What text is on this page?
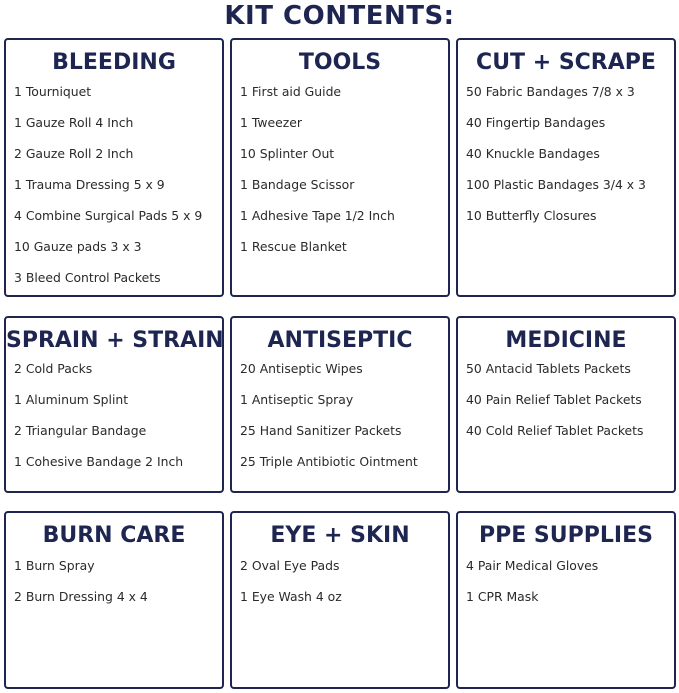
KIT CONTENTS:
BLEEDING
1 Tourniquet
1 Gauze Roll 4 Inch
2 Gauze Roll 2 Inch
1 Trauma Dressing 5 x 9
4 Combine Surgical Pads 5 x 9
10 Gauze pads 3 x 3
3 Bleed Control Packets
TOOLS
1 First aid Guide
1 Tweezer
10 Splinter Out
1 Bandage Scissor
1 Adhesive Tape 1/2 Inch
1 Rescue Blanket
CUT + SCRAPE
50 Fabric Bandages 7/8 x 3
40 Fingertip Bandages
40 Knuckle Bandages
100 Plastic Bandages 3/4 x 3
10 Butterfly Closures
SPRAIN + STRAIN
2 Cold Packs
1 Aluminum Splint
2 Triangular Bandage
1 Cohesive Bandage 2 Inch
ANTISEPTIC
20 Antiseptic Wipes
1 Antiseptic Spray
25 Hand Sanitizer Packets
25 Triple Antibiotic Ointment
MEDICINE
50 Antacid Tablets Packets
40 Pain Relief Tablet Packets
40 Cold Relief Tablet Packets
BURN CARE
1 Burn Spray
2 Burn Dressing 4 x 4
EYE + SKIN
2 Oval Eye Pads
1 Eye Wash 4 oz
PPE SUPPLIES
4 Pair Medical Gloves
1 CPR Mask
